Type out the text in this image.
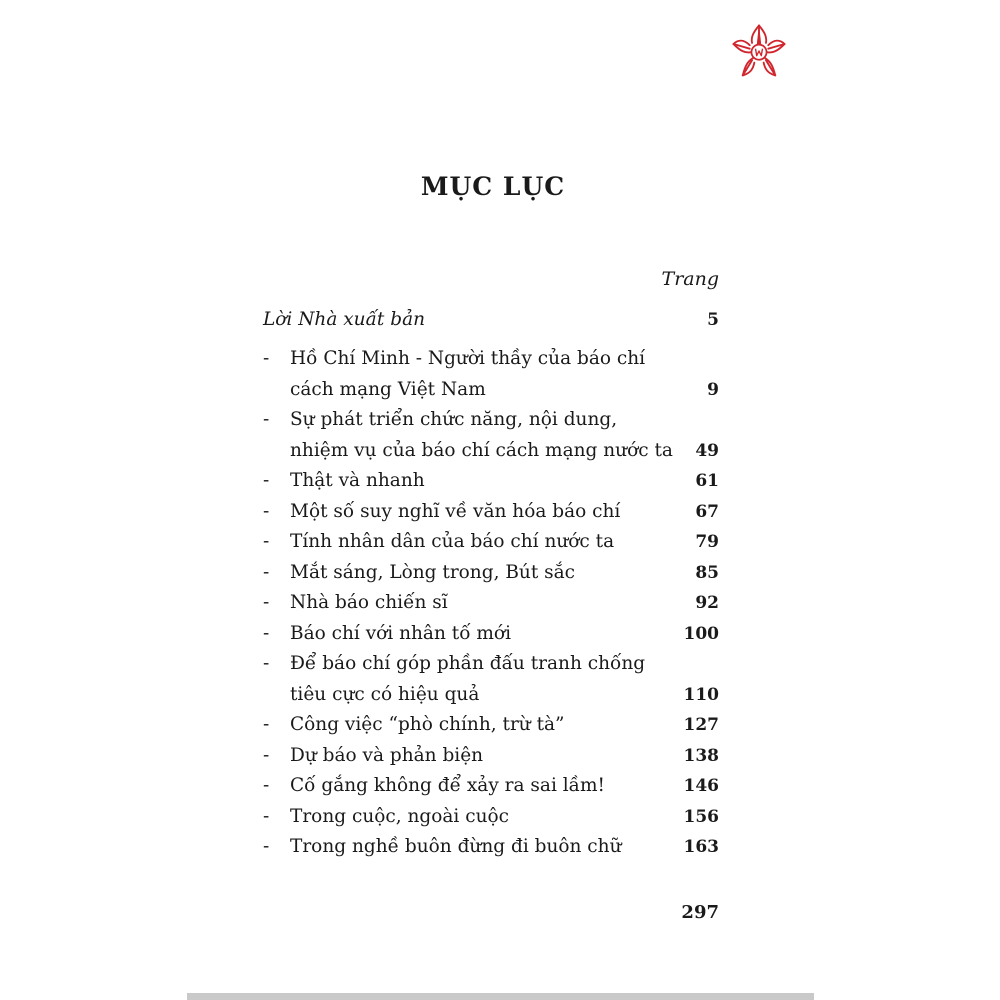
MỤC LỤC
Trang
Lời Nhà xuất bản	5
- Hồ Chí Minh - Người thầy của báo chí
cách mạng Việt Nam	9
- Sự phát triển chức năng, nội dung,
nhiệm vụ của báo chí cách mạng nước ta 49
- Thật và nhanh	61
- Một số suy nghĩ về văn hóa báo chí	67
- Tính nhân dân của báo chí nước ta	79
- Mắt sáng, Lòng trong, Bút sắc	85
- Nhà báo chiến sĩ	92
- Báo chí với nhân tố mới	100
- Để báo chí góp phần đấu tranh chống
tiêu cực có hiệu quả	110
- Công việc “phò chính, trừ tà”	127
- Dự báo và phản biện	138
- Cố gắng không để xảy ra sai lầm!	146
- Trong cuộc, ngoài cuộc	156
- Trong nghề buôn đừng đi buôn chữ	163
297
